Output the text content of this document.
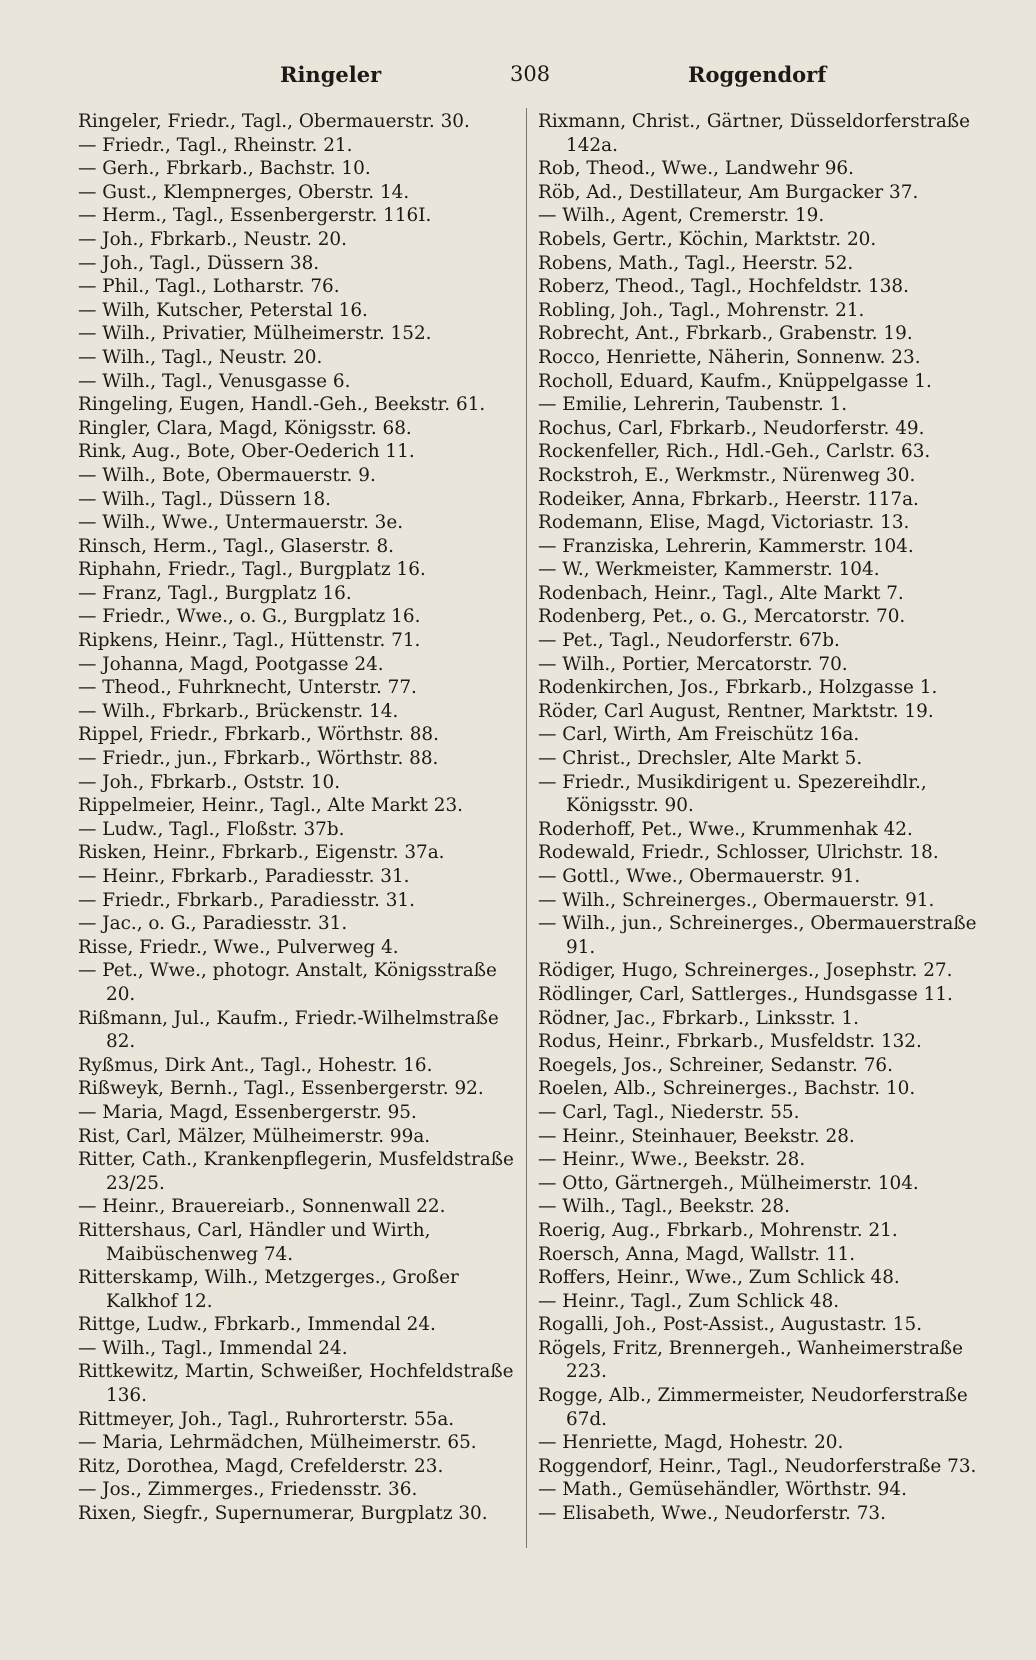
Ringeler	308	Roggendorf
Ringeler, Friedr., Tagl., Obermauerstr. 30.
— Friedr., Tagl., Rheinstr. 21.
— Gerh., Fbrkarb., Bachstr. 10.
— Gust., Klempnerges, Oberstr. 14.
— Herm., Tagl., Essenbergerstr. 116I.
— Joh., Fbrkarb., Neustr. 20.
— Joh., Tagl., Düssern 38.
— Phil., Tagl., Lotharstr. 76.
— Wilh, Kutscher, Peterstal 16.
— Wilh., Privatier, Mülheimerstr. 152.
— Wilh., Tagl., Neustr. 20.
— Wilh., Tagl., Venusgasse 6.
Ringeling, Eugen, Handl.-Geh., Beekstr. 61.
Ringler, Clara, Magd, Königsstr. 68.
Rink, Aug., Bote, Ober-Oederich 11.
— Wilh., Bote, Obermauerstr. 9.
— Wilh., Tagl., Düssern 18.
— Wilh., Wwe., Untermauerstr. 3e.
Rinsch, Herm., Tagl., Glaserstr. 8.
Riphahn, Friedr., Tagl., Burgplatz 16.
— Franz, Tagl., Burgplatz 16.
— Friedr., Wwe., o. G., Burgplatz 16.
Ripkens, Heinr., Tagl., Hüttenstr. 71.
— Johanna, Magd, Pootgasse 24.
— Theod., Fuhrknecht, Unterstr. 77.
— Wilh., Fbrkarb., Brückenstr. 14.
Rippel, Friedr., Fbrkarb., Wörthstr. 88.
— Friedr., jun., Fbrkarb., Wörthstr. 88.
— Joh., Fbrkarb., Oststr. 10.
Rippelmeier, Heinr., Tagl., Alte Markt 23.
— Ludw., Tagl., Floßstr. 37b.
Risken, Heinr., Fbrkarb., Eigenstr. 37a.
— Heinr., Fbrkarb., Paradiesstr. 31.
— Friedr., Fbrkarb., Paradiesstr. 31.
— Jac., o. G., Paradiesstr. 31.
Risse, Friedr., Wwe., Pulverweg 4.
— Pet., Wwe., photogr. Anstalt, Königsstraße 20.
Rißmann, Jul., Kaufm., Friedr.-Wilhelmstraße 82.
Ryßmus, Dirk Ant., Tagl., Hohestr. 16.
Rißweyk, Bernh., Tagl., Essenbergerstr. 92.
— Maria, Magd, Essenbergerstr. 95.
Rist, Carl, Mälzer, Mülheimerstr. 99a.
Ritter, Cath., Krankenpflegerin, Musfeldstraße 23/25.
— Heinr., Brauereiarb., Sonnenwall 22.
Rittershaus, Carl, Händler und Wirth, Maibüschenweg 74.
Ritterskamp, Wilh., Metzgerges., Großer Kalkhof 12.
Rittge, Ludw., Fbrkarb., Immendal 24.
— Wilh., Tagl., Immendal 24.
Rittkewitz, Martin, Schweißer, Hochfeldstraße 136.
Rittmeyer, Joh., Tagl., Ruhrorterstr. 55a.
— Maria, Lehrmädchen, Mülheimerstr. 65.
Ritz, Dorothea, Magd, Crefelderstr. 23.
— Jos., Zimmerges., Friedensstr. 36.
Rixen, Siegfr., Supernumerar, Burgplatz 30.
Rixmann, Christ., Gärtner, Düsseldorferstraße 142a.
Rob, Theod., Wwe., Landwehr 96.
Röb, Ad., Destillateur, Am Burgacker 37.
— Wilh., Agent, Cremerstr. 19.
Robels, Gertr., Köchin, Marktstr. 20.
Robens, Math., Tagl., Heerstr. 52.
Roberz, Theod., Tagl., Hochfeldstr. 138.
Robling, Joh., Tagl., Mohrenstr. 21.
Robrecht, Ant., Fbrkarb., Grabenstr. 19.
Rocco, Henriette, Näherin, Sonnenw. 23.
Rocholl, Eduard, Kaufm., Knüppelgasse 1.
— Emilie, Lehrerin, Taubenstr. 1.
Rochus, Carl, Fbrkarb., Neudorferstr. 49.
Rockenfeller, Rich., Hdl.-Geh., Carlstr. 63.
Rockstroh, E., Werkmstr., Nürenweg 30.
Rodeiker, Anna, Fbrkarb., Heerstr. 117a.
Rodemann, Elise, Magd, Victoriastr. 13.
— Franziska, Lehrerin, Kammerstr. 104.
— W., Werkmeister, Kammerstr. 104.
Rodenbach, Heinr., Tagl., Alte Markt 7.
Rodenberg, Pet., o. G., Mercatorstr. 70.
— Pet., Tagl., Neudorferstr. 67b.
— Wilh., Portier, Mercatorstr. 70.
Rodenkirchen, Jos., Fbrkarb., Holzgasse 1.
Röder, Carl August, Rentner, Marktstr. 19.
— Carl, Wirth, Am Freischütz 16a.
— Christ., Drechsler, Alte Markt 5.
— Friedr., Musikdirigent u. Spezereihdlr., Königsstr. 90.
Roderhoff, Pet., Wwe., Krummenhak 42.
Rodewald, Friedr., Schlosser, Ulrichstr. 18.
— Gottl., Wwe., Obermauerstr. 91.
— Wilh., Schreinerges., Obermauerstr. 91.
— Wilh., jun., Schreinerges., Obermauerstraße 91.
Rödiger, Hugo, Schreinerges., Josephstr. 27.
Rödlinger, Carl, Sattlerges., Hundsgasse 11.
Rödner, Jac., Fbrkarb., Linksstr. 1.
Rodus, Heinr., Fbrkarb., Musfeldstr. 132.
Roegels, Jos., Schreiner, Sedanstr. 76.
Roelen, Alb., Schreinerges., Bachstr. 10.
— Carl, Tagl., Niederstr. 55.
— Heinr., Steinhauer, Beekstr. 28.
— Heinr., Wwe., Beekstr. 28.
— Otto, Gärtnergeh., Mülheimerstr. 104.
— Wilh., Tagl., Beekstr. 28.
Roerig, Aug., Fbrkarb., Mohrenstr. 21.
Roersch, Anna, Magd, Wallstr. 11.
Roffers, Heinr., Wwe., Zum Schlick 48.
— Heinr., Tagl., Zum Schlick 48.
Rogalli, Joh., Post-Assist., Augustastr. 15.
Rögels, Fritz, Brennergeh., Wanheimerstraße 223.
Rogge, Alb., Zimmermeister, Neudorferstraße 67d.
— Henriette, Magd, Hohestr. 20.
Roggendorf, Heinr., Tagl., Neudorferstraße 73.
— Math., Gemüsehändler, Wörthstr. 94.
— Elisabeth, Wwe., Neudorferstr. 73.
